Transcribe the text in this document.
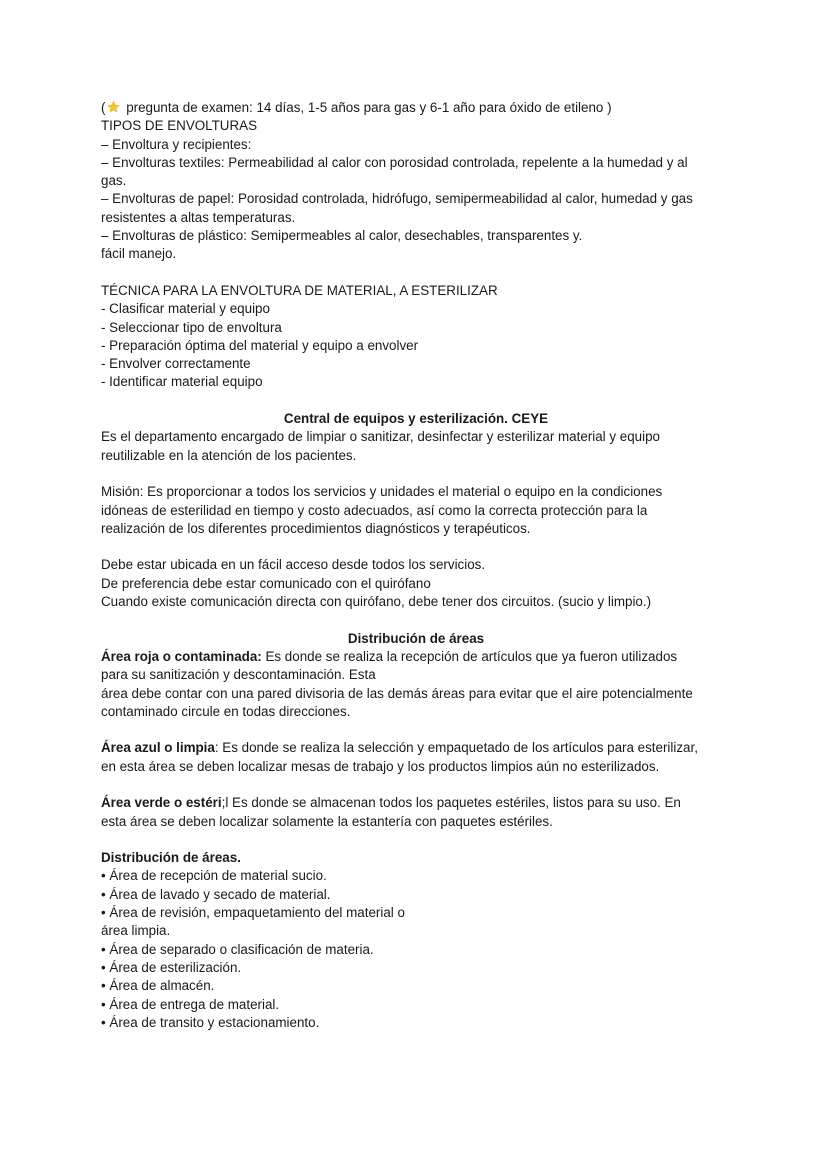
( pregunta de examen: 14 días, 1-5 años para gas y 6-1 año para óxido de etileno )

TIPOS DE ENVOLTURAS

– Envoltura y recipientes:

– Envolturas textiles: Permeabilidad al calor con porosidad controlada, repelente a la humedad y al

gas.

– Envolturas de papel: Porosidad controlada, hidrófugo, semipermeabilidad al calor, humedad y gas

resistentes a altas temperaturas.

– Envolturas de plástico: Semipermeables al calor, desechables, transparentes y.

fácil manejo.

TÉCNICA PARA LA ENVOLTURA DE MATERIAL, A ESTERILIZAR

- Clasificar material y equipo

- Seleccionar tipo de envoltura

- Preparación óptima del material y equipo a envolver

- Envolver correctamente

- Identificar material equipo

Central de equipos y esterilización. CEYE

Es el departamento encargado de limpiar o sanitizar, desinfectar y esterilizar material y equipo

reutilizable en la atención de los pacientes.

Misión: Es proporcionar a todos los servicios y unidades el material o equipo en la condiciones

idóneas de esterilidad en tiempo y costo adecuados, así como la correcta protección para la

realización de los diferentes procedimientos diagnósticos y terapéuticos.

Debe estar ubicada en un fácil acceso desde todos los servicios.

De preferencia debe estar comunicado con el quirófano

Cuando existe comunicación directa con quirófano, debe tener dos circuitos. (sucio y limpio.)

Distribución de áreas

Área roja o contaminada: Es donde se realiza la recepción de artículos que ya fueron utilizados

para su sanitización y descontaminación. Esta

área debe contar con una pared divisoria de las demás áreas para evitar que el aire potencialmente

contaminado circule en todas direcciones.

Área azul o limpia: Es donde se realiza la selección y empaquetado de los artículos para esterilizar,

en esta área se deben localizar mesas de trabajo y los productos limpios aún no esterilizados.

Área verde o estéri;l Es donde se almacenan todos los paquetes estériles, listos para su uso. En

esta área se deben localizar solamente la estantería con paquetes estériles.

Distribución de áreas.

• Área de recepción de material sucio.

• Área de lavado y secado de material.

• Área de revisión, empaquetamiento del material o

área limpia.

• Área de separado o clasificación de materia.

• Área de esterilización.

• Área de almacén.

• Área de entrega de material.

• Área de transito y estacionamiento.
